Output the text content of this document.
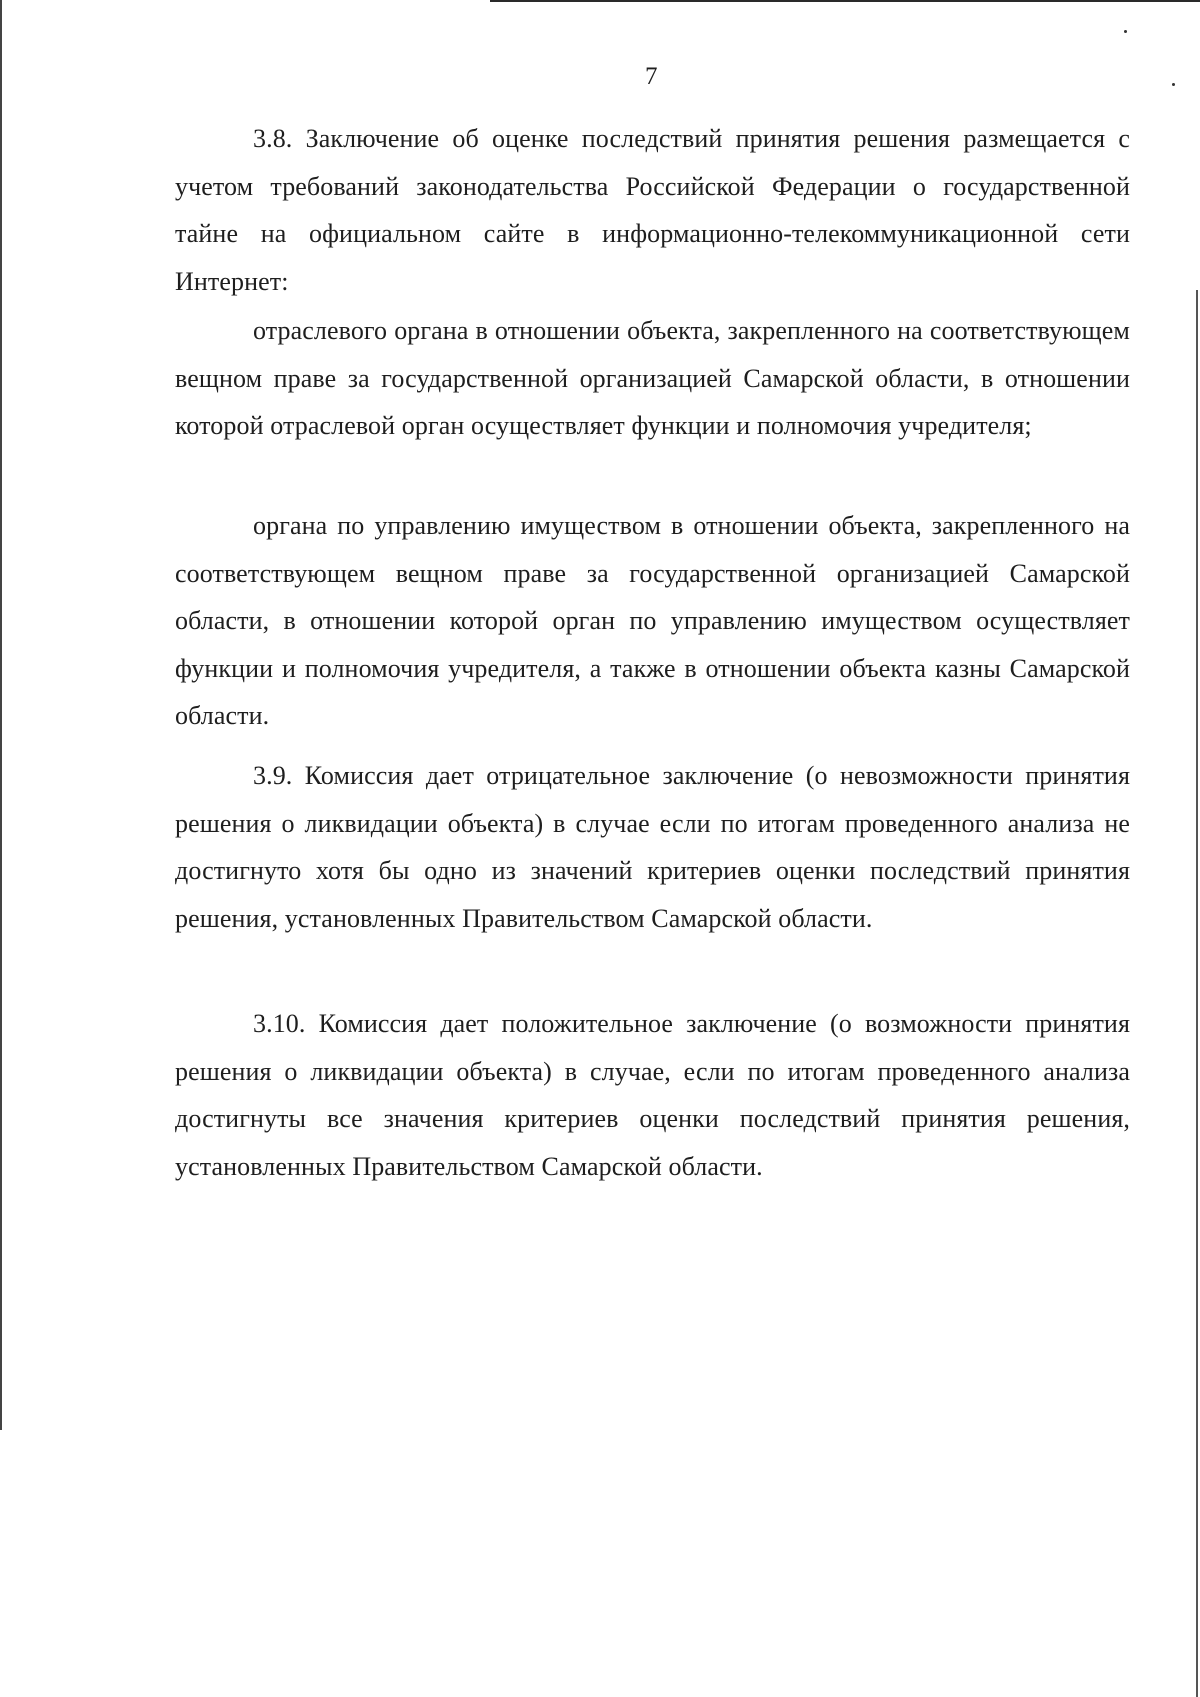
7

3.8. Заключение об оценке последствий принятия решения размещается с учетом требований законодательства Российской Федерации о государственной тайне на официальном сайте в информационно-телекоммуникационной сети Интернет:

отраслевого органа в отношении объекта, закрепленного на соответствующем вещном праве за государственной организацией Самарской области, в отношении которой отраслевой орган осуществляет функции и полномочия учредителя;

органа по управлению имуществом в отношении объекта, закрепленного на соответствующем вещном праве за государственной организацией Самарской области, в отношении которой орган по управлению имуществом осуществляет функции и полномочия учредителя, а также в отношении объекта казны Самарской области.

3.9. Комиссия дает отрицательное заключение (о невозможности принятия решения о ликвидации объекта) в случае если по итогам проведенного анализа не достигнуто хотя бы одно из значений критериев оценки последствий принятия решения, установленных Правительством Самарской области.

3.10. Комиссия дает положительное заключение (о возможности принятия решения о ликвидации объекта) в случае, если по итогам проведенного анализа достигнуты все значения критериев оценки последствий принятия решения, установленных Правительством Самарской области.
